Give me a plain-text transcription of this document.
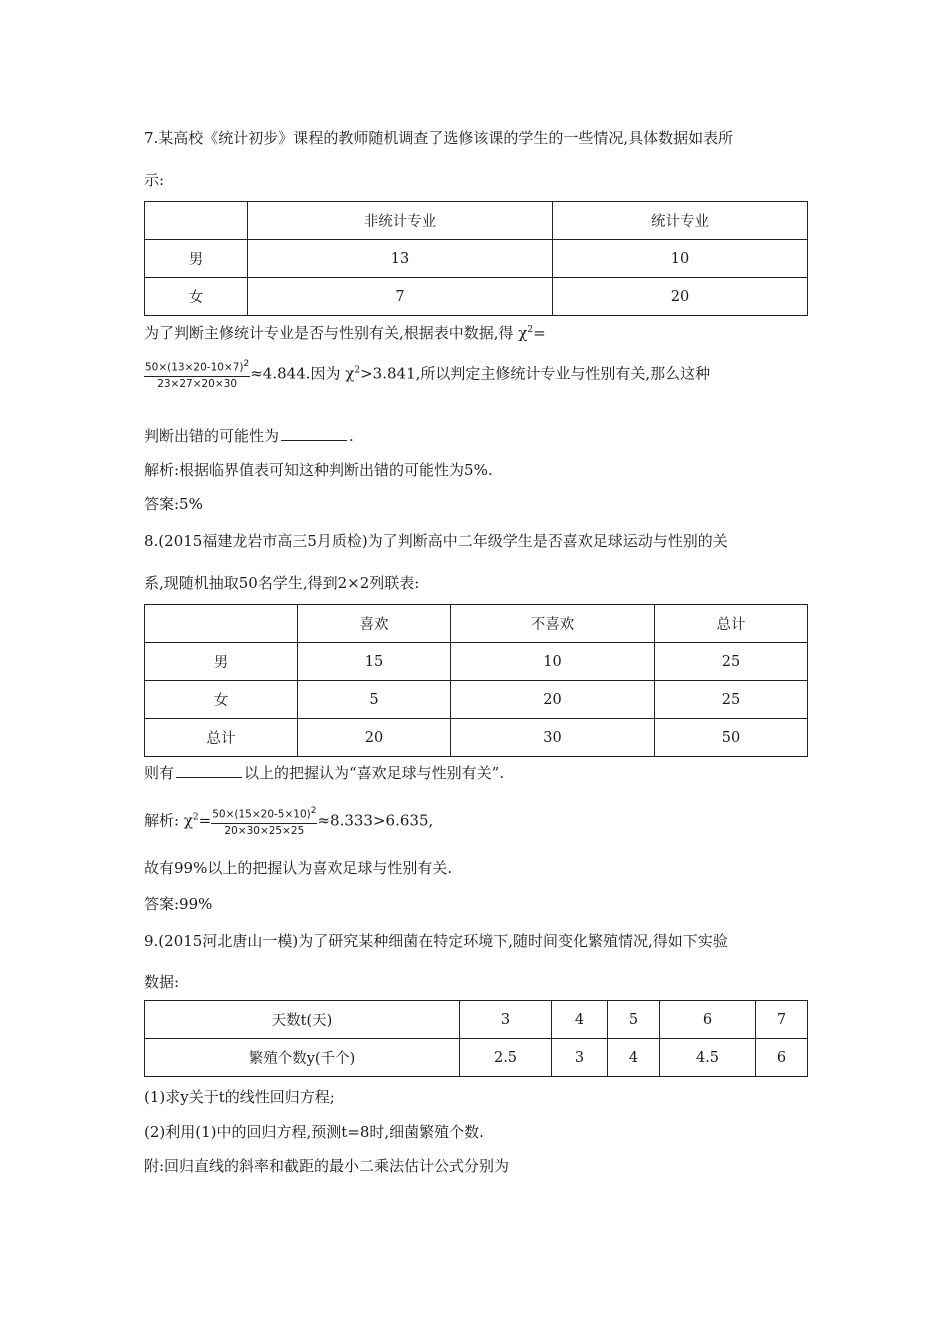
7.某高校《统计初步》课程的教师随机调查了选修该课的学生的一些情况,具体数据如表所
示:
	非统计专业	统计专业
男	13	10
女	7	20
为了判断主修统计专业是否与性别有关,根据表中数据,得 $\chi^2=$
$\frac{50\times(13\times 20-10\times 7)2}{23\times 27\times 20\times 30} \approx 4.844$.因为 $\chi^2>3.841$,所以判定主修统计专业与性别有关,那么这种
判断出错的可能性为	.
解析:根据临界值表可知这种判断出错的可能性为5%.
答案:5%
8.(2015福建龙岩市高三5月质检)为了判断高中二年级学生是否喜欢足球运动与性别的关
系,现随机抽取50名学生,得到2×2列联表:
	喜欢	不喜欢	总计
男	15	10	25
女	5	20	25
总计	20	30	50
则有	以上的把握认为“喜欢足球与性别有关”.
解析: $\chi^2= \frac{50\times(15\times 20-5\times 10)2}{20\times 30\times 25\times 25} \approx 8.333>6.635$,
故有99%以上的把握认为喜欢足球与性别有关.
答案:99%
9.(2015河北唐山一模)为了研究某种细菌在特定环境下,随时间变化繁殖情况,得如下实验
数据:
天数t(天)	3	4	5	6	7
繁殖个数y(千个)	2.5	3	4	4.5	6
(1)求y关于t的线性回归方程;
(2)利用(1)中的回归方程,预测t=8时,细菌繁殖个数.
附:回归直线的斜率和截距的最小二乘法估计公式分别为
